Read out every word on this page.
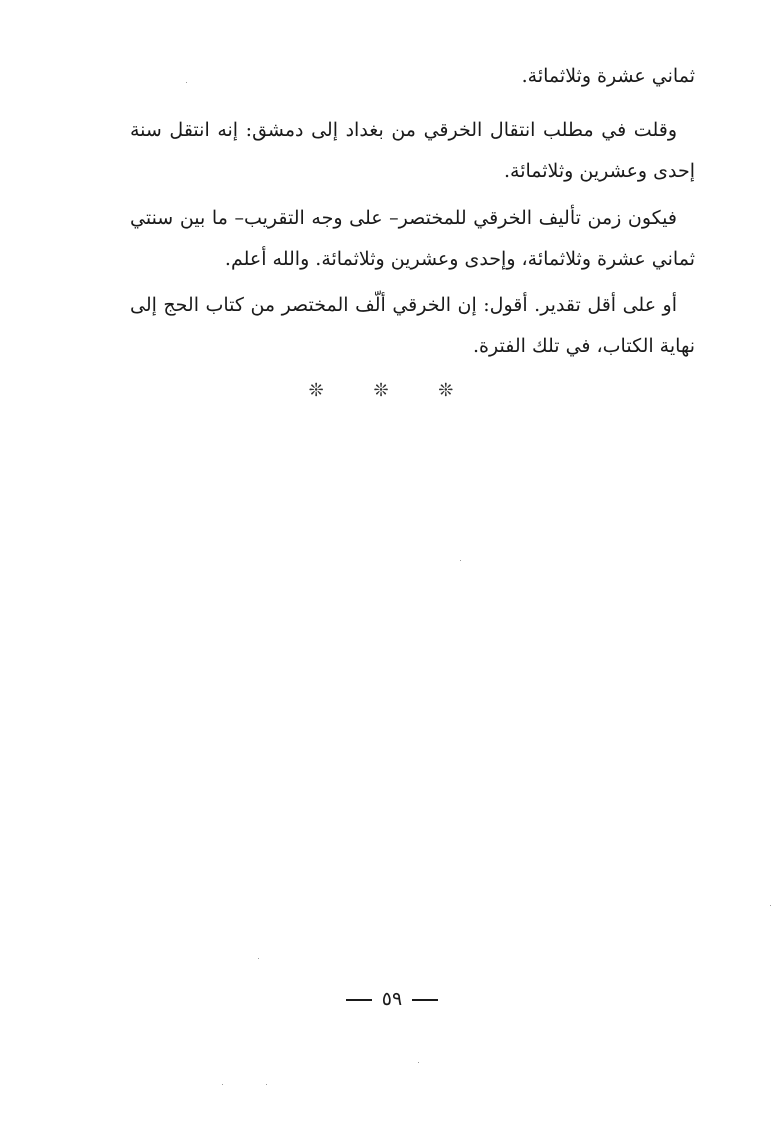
ثماني عشرة وثلاثمائة.

وقلت في مطلب انتقال الخرقي من بغداد إلى دمشق: إنه انتقل سنة إحدى وعشرين وثلاثمائة.

فيكون زمن تأليف الخرقي للمختصر– على وجه التقريب– ما بين سنتي ثماني عشرة وثلاثمائة، وإحدى وعشرين وثلاثمائة. والله أعلم.

أو على أقل تقدير. أقول: إن الخرقي ألّف المختصر من كتاب الحج إلى نهاية الكتاب، في تلك الفترة.

❊ ❊ ❊
٥٩
